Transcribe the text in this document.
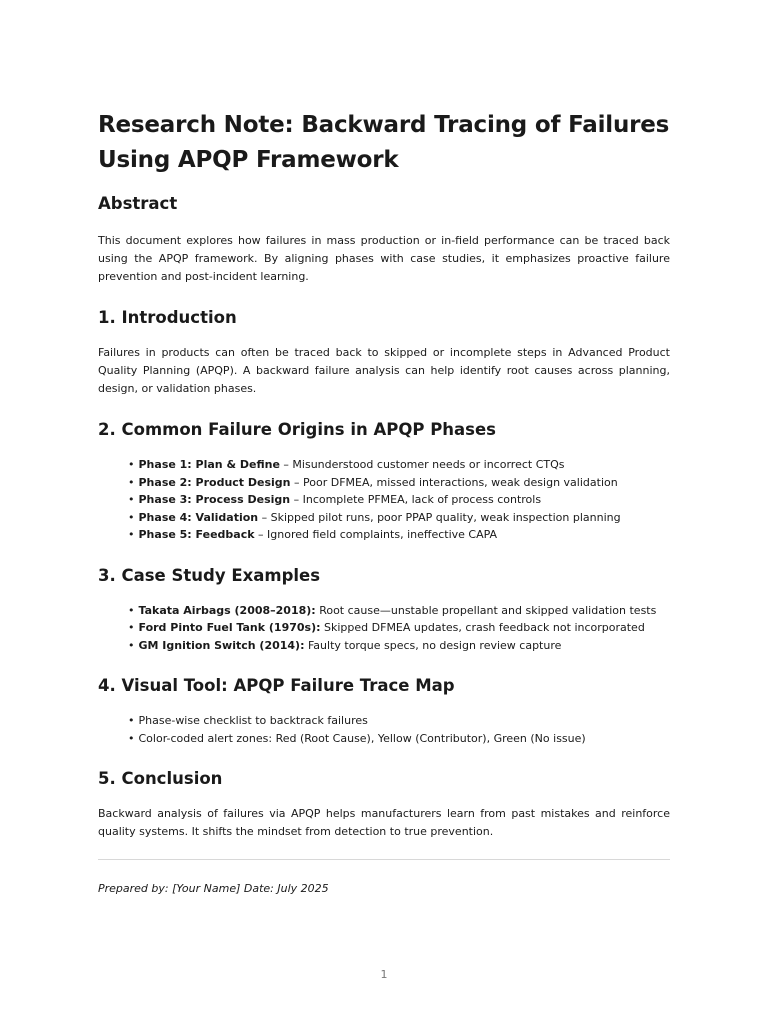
Research Note: Backward Tracing of Failures Using APQP Framework
Abstract

This document explores how failures in mass production or in-field performance can be traced back using the APQP framework. By aligning phases with case studies, it emphasizes proactive failure prevention and post-incident learning.

1. Introduction

Failures in products can often be traced back to skipped or incomplete steps in Advanced Product Quality Planning (APQP). A backward failure analysis can help identify root causes across planning, design, or validation phases.

2. Common Failure Origins in APQP Phases
• Phase 1: Plan & Define – Misunderstood customer needs or incorrect CTQs
• Phase 2: Product Design – Poor DFMEA, missed interactions, weak design validation
• Phase 3: Process Design – Incomplete PFMEA, lack of process controls
• Phase 4: Validation – Skipped pilot runs, poor PPAP quality, weak inspection planning
• Phase 5: Feedback – Ignored field complaints, ineffective CAPA
3. Case Study Examples
• Takata Airbags (2008–2018): Root cause—unstable propellant and skipped validation tests
• Ford Pinto Fuel Tank (1970s): Skipped DFMEA updates, crash feedback not incorporated
• GM Ignition Switch (2014): Faulty torque specs, no design review capture
4. Visual Tool: APQP Failure Trace Map
• Phase-wise checklist to backtrack failures
• Color-coded alert zones: Red (Root Cause), Yellow (Contributor), Green (No issue)
5. Conclusion

Backward analysis of failures via APQP helps manufacturers learn from past mistakes and reinforce quality systems. It shifts the mindset from detection to true prevention.

Prepared by: [Your Name] Date: July 2025
1
